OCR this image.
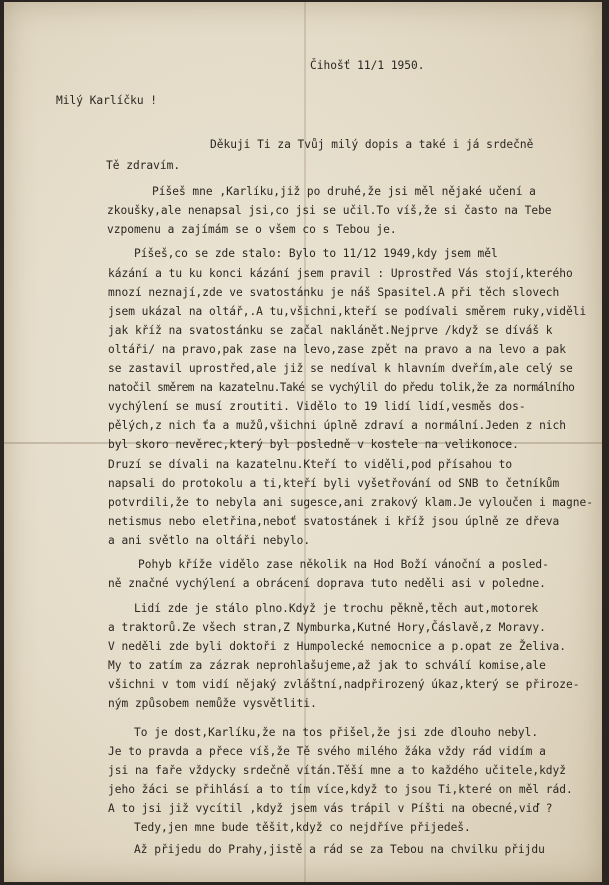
Čihošť 11/1 1950.
Milý Karlíčku !
Děkuji Ti za Tvůj milý dopis a také i já srdečně
Tě zdravím.
Píšeš mne ,Karlíku,již po druhé,že jsi měl nějaké učení a
zkoušky,ale nenapsal jsi,co jsi se učil.To víš,že si často na Tebe
vzpomenu a zajímám se o všem co s Tebou je.
Píšeš,co se zde stalo: Bylo to 11/12 1949,kdy jsem měl
kázání a tu ku konci kázání jsem pravil : Uprostřed Vás stojí,kterého
mnozí neznají,zde ve svatostánku je náš Spasitel.A při těch slovech
jsem ukázal na oltář,.A tu,všichni,kteří se podívali směrem ruky,viděli
jak kříž na svatostánku se začal naklánět.Nejprve /když se díváš k
oltáři/ na pravo,pak zase na levo,zase zpět na pravo a na levo a pak
se zastavil uprostřed,ale již se nedíval k hlavním dveřím,ale celý se
natočil směrem na kazatelnu.Také se vychýlil do předu tolik,že za normálního
vychýlení se musí zroutiti. Vidělo to 19 lidí lidí,vesměs dos-
pělých,z nich ťa a mužů,všichni úplně zdraví a normální.Jeden z nich
byl skoro nevěrec,který byl posledně v kostele na velikonoce.
Druzí se dívali na kazatelnu.Kteří to viděli,pod přísahou to
napsali do protokolu a ti,kteří byli vyšetřování od SNB to četníkům
potvrdili,že to nebyla ani sugesce,ani zrakový klam.Je vyloučen i magne-
netismus nebo eletřina,neboť svatostánek i kříž jsou úplně ze dřeva
a ani světlo na oltáři nebylo.
Pohyb kříže vidělo zase několik na Hod Boží vánoční a posled-
ně značné vychýlení a obrácení doprava tuto neděli asi v poledne.
Lidí zde je stálo plno.Když je trochu pěkně,těch aut,motorek
a traktorů.Ze všech stran,Z Nymburka,Kutné Hory,Čáslavě,z Moravy.
V neděli zde byli doktoři z Humpolecké nemocnice a p.opat ze Želiva.
My to zatím za zázrak neprohlašujeme,až jak to schválí komise,ale
všichni v tom vidí nějaký zvláštní,nadpřirozený úkaz,který se přiroze-
ným způsobem nemůže vysvětliti.
To je dost,Karlíku,že na tos přišel,že jsi zde dlouho nebyl.
Je to pravda a přece víš,že Tě svého milého žáka vždy rád vidím a
jsi na faře vždycky srdečně vítán.Těší mne a to každého učitele,když
jeho žáci se přihlásí a to tím více,když to jsou Ti,které on měl rád.
A to jsi již vycítil ,když jsem vás trápil v Píšti na obecné,viď ?
Tedy,jen mne bude těšit,když co nejdříve přijedeš.
Až přijedu do Prahy,jistě a rád se za Tebou na chvilku přijdu
